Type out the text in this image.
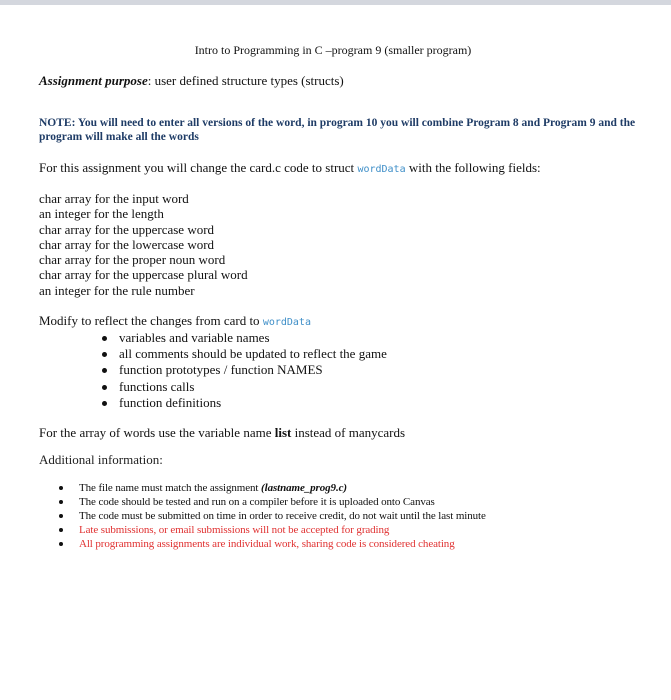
Intro to Programming in C –program 9 (smaller program)
Assignment purpose: user defined structure types (structs)
NOTE: You will need to enter all versions of the word, in program 10 you will combine Program 8 and Program 9 and the program will make all the words
For this assignment you will change the card.c code to struct wordData with the following fields:
char array for the input word
an integer for the length
char array for the uppercase word
char array for the lowercase word
char array for the proper noun word
char array for the uppercase plural word
an integer for the rule number
Modify to reflect the changes from card to wordData
variables and variable names
all comments should be updated to reflect the game
function prototypes / function NAMES
functions calls
function definitions
For the array of words use the variable name list instead of manycards
Additional information:
The file name must match the assignment (lastname_prog9.c)
The code should be tested and run on a compiler before it is uploaded onto Canvas
The code must be submitted on time in order to receive credit, do not wait until the last minute
Late submissions, or email submissions will not be accepted for grading
All programming assignments are individual work, sharing code is considered cheating
